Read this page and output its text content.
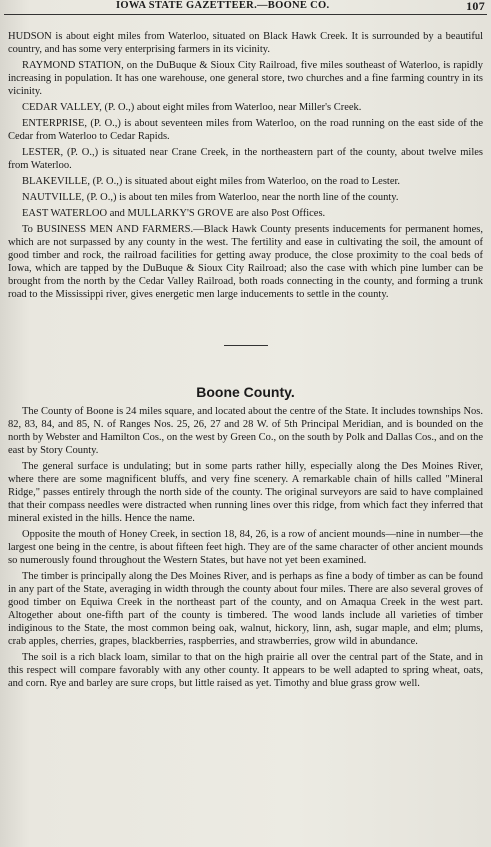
IOWA STATE GAZETTEER.—BOONE CO.	107

HUDSON is about eight miles from Waterloo, situated on Black Hawk Creek. It is surrounded by a beautiful country, and has some very enterprising farmers in its vicinity.

RAYMOND STATION, on the DuBuque & Sioux City Railroad, five miles southeast of Waterloo, is rapidly increasing in population. It has one warehouse, one general store, two churches and a fine farming country in its vicinity.

CEDAR VALLEY, (P. O.,) about eight miles from Waterloo, near Miller's Creek.

ENTERPRISE, (P. O.,) is about seventeen miles from Waterloo, on the road running on the east side of the Cedar from Waterloo to Cedar Rapids.

LESTER, (P. O.,) is situated near Crane Creek, in the northeastern part of the county, about twelve miles from Waterloo.

BLAKEVILLE, (P. O.,) is situated about eight miles from Waterloo, on the road to Lester.

NAUTVILLE, (P. O.,) is about ten miles from Waterloo, near the north line of the county.

EAST WATERLOO and MULLARKY'S GROVE are also Post Offices.

To BUSINESS MEN AND FARMERS.—Black Hawk County presents inducements for permanent homes, which are not surpassed by any county in the west. The fertility and ease in cultivating the soil, the amount of good timber and rock, the railroad facilities for getting away produce, the close proximity to the coal beds of Iowa, which are tapped by the DuBuque & Sioux City Railroad; also the case with which pine lumber can be brought from the north by the Cedar Valley Railroad, both roads connecting in the county, and forming a trunk road to the Mississippi river, gives energetic men large inducements to settle in the county.

Boone County.

The County of Boone is 24 miles square, and located about the centre of the State. It includes townships Nos. 82, 83, 84, and 85, N. of Ranges Nos. 25, 26, 27 and 28 W. of 5th Principal Meridian, and is bounded on the north by Webster and Hamilton Cos., on the west by Green Co., on the south by Polk and Dallas Cos., and on the east by Story County.

The general surface is undulating; but in some parts rather hilly, especially along the Des Moines River, where there are some magnificent bluffs, and very fine scenery. A remarkable chain of hills called "Mineral Ridge," passes entirely through the north side of the county. The original surveyors are said to have complained that their compass needles were distracted when running lines over this ridge, from which fact they inferred that mineral existed in the hills. Hence the name.

Opposite the mouth of Honey Creek, in section 18, 84, 26, is a row of ancient mounds—nine in number—the largest one being in the centre, is about fifteen feet high. They are of the same character of other ancient mounds so numerously found throughout the Western States, but have not yet been examined.

The timber is principally along the Des Moines River, and is perhaps as fine a body of timber as can be found in any part of the State, averaging in width through the county about four miles. There are also several groves of good timber on Equiwa Creek in the northeast part of the county, and on Amaqua Creek in the west part. Altogether about one-fifth part of the county is timbered. The wood lands include all varieties of timber indiginous to the State, the most common being oak, walnut, hickory, linn, ash, sugar maple, and elm; plums, crab apples, cherries, grapes, blackberries, raspberries, and strawberries, grow wild in abundance.

The soil is a rich black loam, similar to that on the high prairie all over the central part of the State, and in this respect will compare favorably with any other county. It appears to be well adapted to spring wheat, oats, and corn. Rye and barley are sure crops, but little raised as yet. Timothy and blue grass grow well.
